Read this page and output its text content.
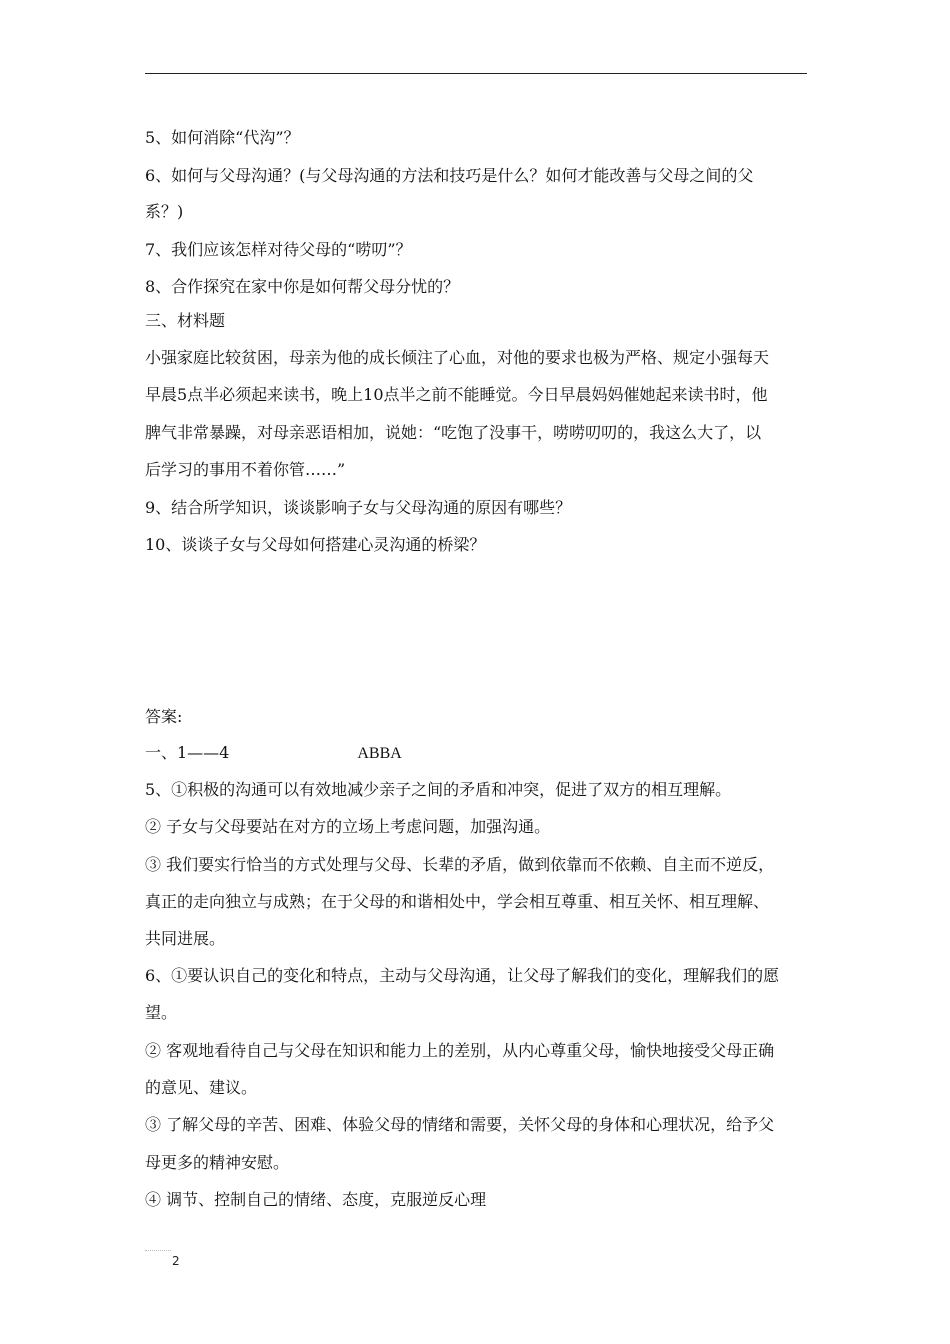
5、如何消除“代沟”？
6、如何与父母沟通？(与父母沟通的方法和技巧是什么？如何才能改善与父母之间的父
系？)
7、我们应该怎样对待父母的“唠叨”？
8、合作探究在家中你是如何帮父母分忧的？
三、材料题
小强家庭比较贫困，母亲为他的成长倾注了心血，对他的要求也极为严格、规定小强每天
早晨5点半必须起来读书，晚上10点半之前不能睡觉。今日早晨妈妈催她起来读书时，他
脾气非常暴躁，对母亲恶语相加，说她：“吃饱了没事干，唠唠叨叨的，我这么大了，以
后学习的事用不着你管……”
9、结合所学知识，谈谈影响子女与父母沟通的原因有哪些？
10、谈谈子女与父母如何搭建心灵沟通的桥梁？
答案:
一、1——4	ABBA
5、①积极的沟通可以有效地减少亲子之间的矛盾和冲突，促进了双方的相互理解。
② 子女与父母要站在对方的立场上考虑问题，加强沟通。
③ 我们要实行恰当的方式处理与父母、长辈的矛盾，做到依靠而不依赖、自主而不逆反，
真正的走向独立与成熟；在于父母的和谐相处中，学会相互尊重、相互关怀、相互理解、
共同进展。
6、①要认识自己的变化和特点，主动与父母沟通，让父母了解我们的变化，理解我们的愿
望。
② 客观地看待自己与父母在知识和能力上的差别，从内心尊重父母，愉快地接受父母正确
的意见、建议。
③ 了解父母的辛苦、困难、体验父母的情绪和需要，关怀父母的身体和心理状况，给予父
母更多的精神安慰。
④ 调节、控制自己的情绪、态度，克服逆反心理
2
